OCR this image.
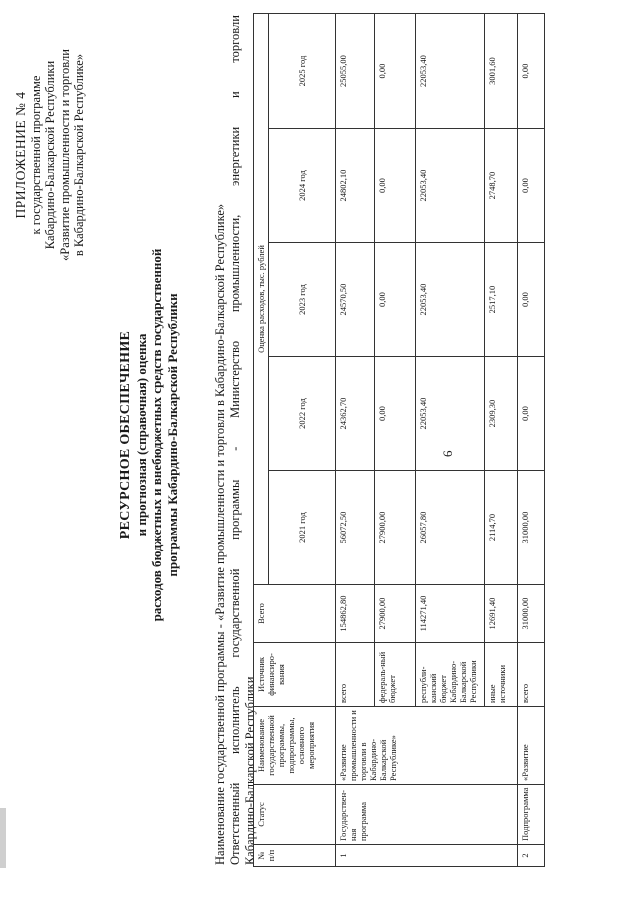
6
ПРИЛОЖЕНИЕ № 4 к государственной программе Кабардино-Балкарской Республики «Развитие промышленности и торговли в Кабардино-Балкарской Республике»
РЕСУРСНОЕ ОБЕСПЕЧЕНИЕ и прогнозная (справочная) оценка расходов бюджетных и внебюджетных средств государственной программы Кабардино-Балкарской Республики	Наименование государственной программы - «Развитие промышленности и торговли в Кабардино-Балкарской Республике» Ответственный
исполнитель
государственной
программы
-
Министерство
промышленности,
энергетики
и
торговли
Кабардино-Балкарской Республики № п/п	Статус	Наименование государственной программы, подпрограммы, основного мероприятия	Источник финансиро-вания	Всего	Оценка расходов, тыс. рублей				
					2021 год	2022 год	2023 год	2024 год	2025 год
1	Государствен-ная программа	«Развитие промышленности и торговли в Кабардино-Балкарской Республике»	всего	154862,80	56072,50	24362,70	24570,50	24802,10	25055,00
			федераль-ный бюджет	27900,00	27900,00	0,00	0,00	0,00	0,00
			республи-канский бюджет Кабардино-Балкарской Республики	114271,40	26057,80	22053,40	22053,40	22053,40	22053,40
			иные источники	12691,40	2114,70	2309,30	2517,10	2748,70	3001,60
2	Подпрограмма	«Развитие	всего	31000,00	31000,00	0,00	0,00	0,00	0,00
